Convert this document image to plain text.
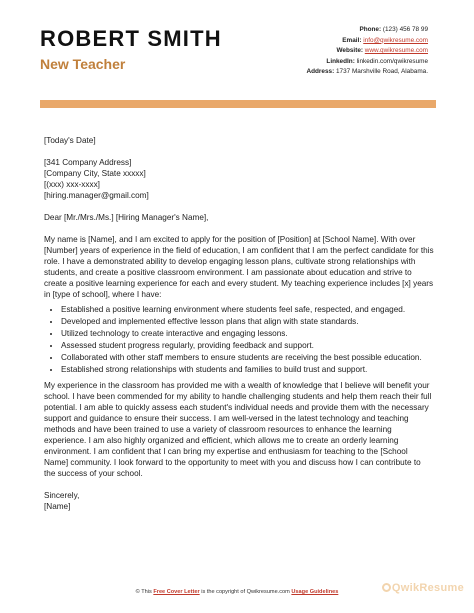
ROBERT SMITH
New Teacher
Phone: (123) 456 78 99
Email: info@qwikresume.com
Website: www.qwikresume.com
LinkedIn: linkedin.com/qwikresume
Address: 1737 Marshville Road, Alabama.

[Today's Date]

[341 Company Address]

[Company City, State xxxxx]

[(xxx) xxx-xxxx]

[hiring.manager@gmail.com]

Dear [Mr./Mrs./Ms.] [Hiring Manager's Name],

My name is [Name], and I am excited to apply for the position of [Position] at [School Name]. With over [Number] years of experience in the field of education, I am confident that I am the perfect candidate for this role. I have a demonstrated ability to develop engaging lesson plans, cultivate strong relationships with students, and create a positive classroom environment. I am passionate about education and strive to create a positive learning experience for each and every student. My teaching experience includes [x] years in [type of school], where I have:

• Established a positive learning environment where students feel safe, respected, and engaged.
• Developed and implemented effective lesson plans that align with state standards.
• Utilized technology to create interactive and engaging lessons.
• Assessed student progress regularly, providing feedback and support.
• Collaborated with other staff members to ensure students are receiving the best possible education.
• Established strong relationships with students and families to build trust and support.

My experience in the classroom has provided me with a wealth of knowledge that I believe will benefit your school. I have been commended for my ability to handle challenging students and help them reach their full potential. I am able to quickly assess each student's individual needs and provide them with the necessary support and guidance to ensure their success. I am well-versed in the latest technology and teaching methods and have been trained to use a variety of classroom resources to enhance the learning experience. I am also highly organized and efficient, which allows me to create an orderly learning environment. I am confident that I can bring my expertise and enthusiasm for teaching to the [School Name] community. I look forward to the opportunity to meet with you and discuss how I can contribute to the success of your school.

Sincerely,

[Name]

© This Free Cover Letter is the copyright of Qwikresume.com Usage Guidelines	QwikResume
